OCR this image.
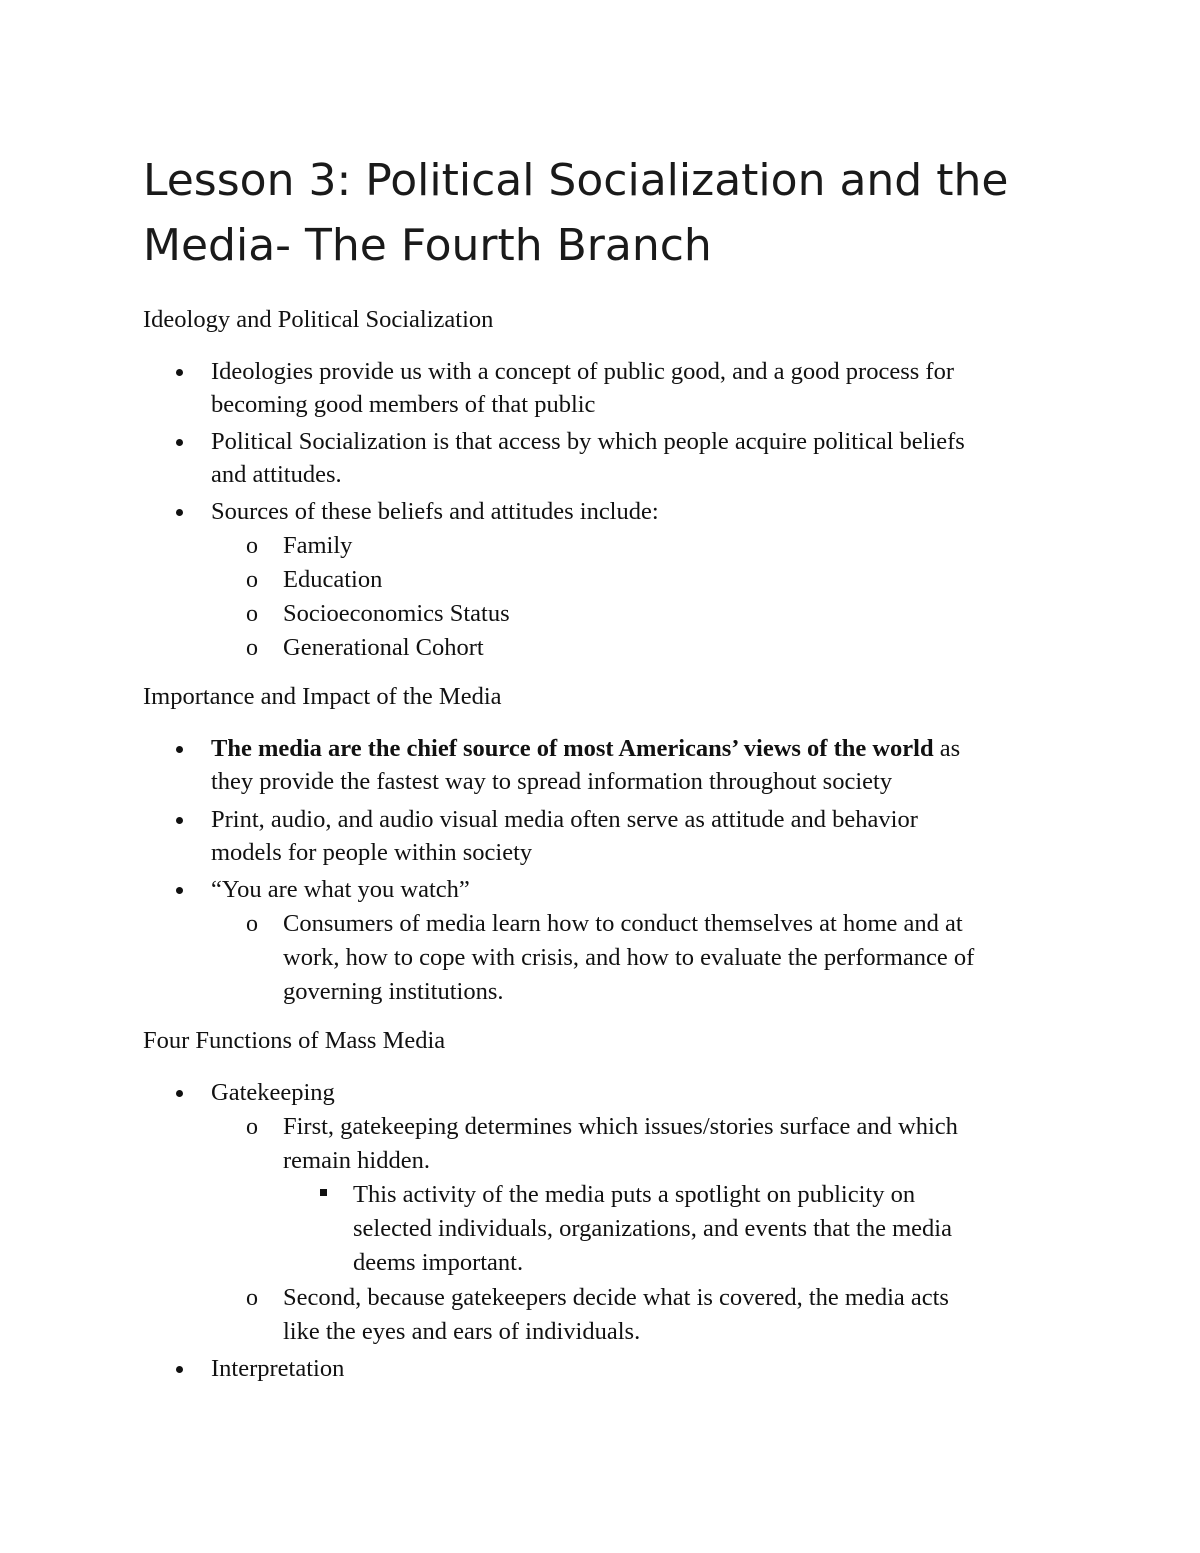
Lesson 3: Political Socialization and the
Media- The Fourth Branch
Ideology and Political Socialization
Ideologies provide us with a concept of public good, and a good process for
becoming good members of that public
Political Socialization is that access by which people acquire political beliefs
and attitudes.
Sources of these beliefs and attitudes include:
o Family
o Education
o Socioeconomics Status
o Generational Cohort
Importance and Impact of the Media
The media are the chief source of most Americans’ views of the world as
they provide the fastest way to spread information throughout society
Print, audio, and audio visual media often serve as attitude and behavior
models for people within society
“You are what you watch”
o Consumers of media learn how to conduct themselves at home and at
work, how to cope with crisis, and how to evaluate the performance of
governing institutions.
Four Functions of Mass Media
Gatekeeping
o First, gatekeeping determines which issues/stories surface and which
remain hidden.
This activity of the media puts a spotlight on publicity on
selected individuals, organizations, and events that the media
deems important.
o Second, because gatekeepers decide what is covered, the media acts
like the eyes and ears of individuals.
Interpretation
